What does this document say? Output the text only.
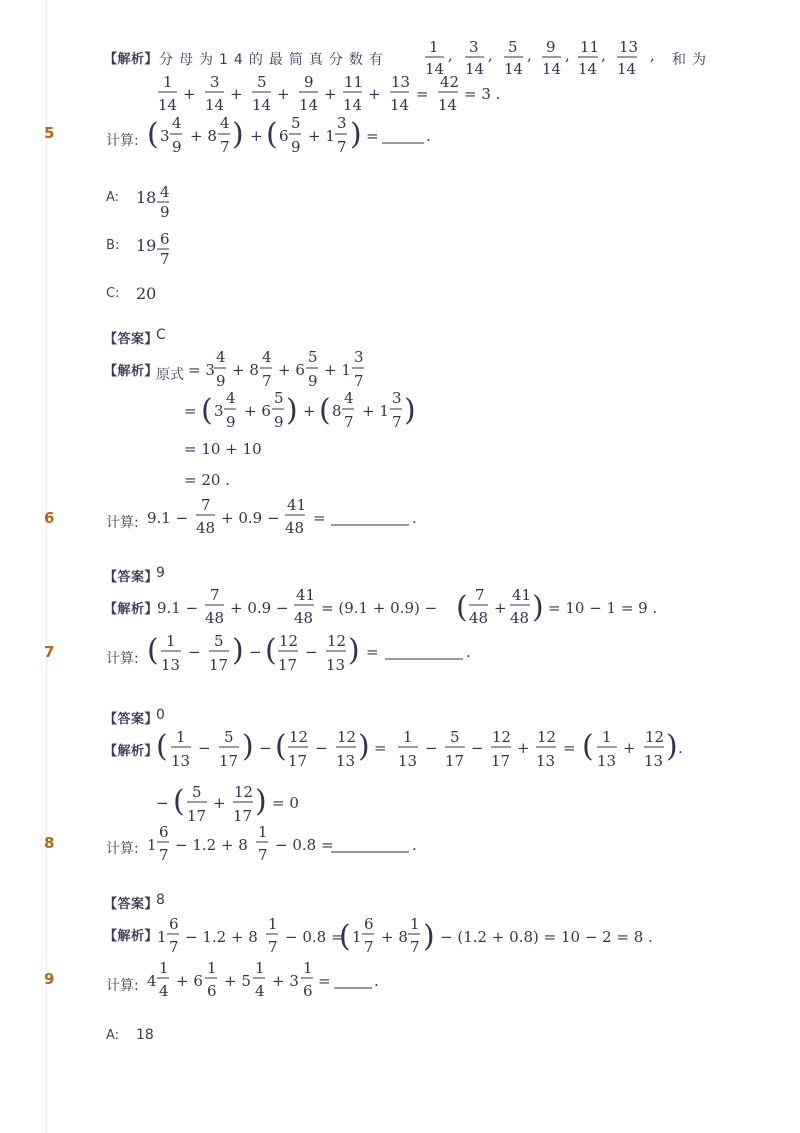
【解析】 分母为14的最简真分数有	和为
5
6
7
8
9
计算:
计算:
计算:
计算:
计算:
A: 18
B: 19
C: 20
【答案】
C
【解析】
原式
【答案】
9
【解析】
【答案】
0
【解析】
【答案】
8
【解析】
A: 18
1
14
, 3
14
, 5
14
, 9
14
, 11
14
, 13
14
,
1
14
+
3
14
+
5
14
+
9
14
+
11
14
+
13
14
=
42
14
= 3 .
( 3
4
9
+ 8
4
7 ) + ( 6
5
9
+ 1
3
7 ) =	.
4
9
6
7
= 3
4
9
+ 8
4
7
+ 6
5
9
+ 1
3
7
= ( 3
4
9
+ 6
5
9 ) + ( 8
4
7
+ 1
3
7 )
= 10 + 10
= 20 .
9.1 −
7
48
+ 0.9 −
41
48
=	.
9.1 −
7
48
+ 0.9 −
41
48
= (9.1 + 0.9) − ( 7
48
+
41
48 ) = 10 − 1 = 9 .
( 1
13
−
5
17 ) − ( 12
17
−
12
13 ) =	.
( 1
13
−
5
17 ) − ( 12
17
−
12
13 ) =
1
13
−
5
17
−
12
17
+
12
13
= ( 1
13
+
12
13 ) .
− ( 5
17
+
12
17 ) = 0
1
6
7
− 1.2 + 8
1
7
− 0.8 =	.
1
6
7
− 1.2 + 8
1
7
− 0.8 =
( 1
6
7
+ 8
1
7 ) − (1.2 + 0.8) = 10 − 2 = 8 .
4
1
4
+ 6
1
6
+ 5
1
4
+ 3
1
6
=	.
